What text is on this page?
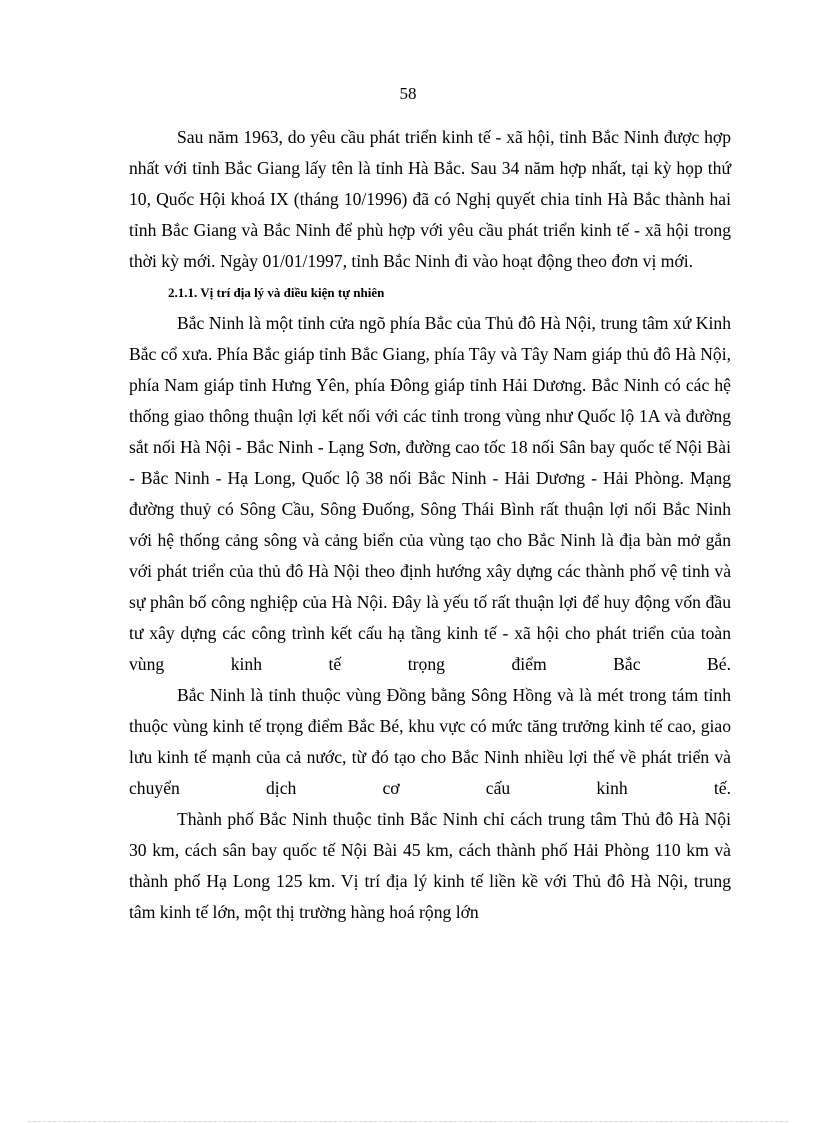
58

Sau năm 1963, do yêu cầu phát triển kinh tế - xã hội, tỉnh Bắc Ninh được hợp nhất với tỉnh Bắc Giang lấy tên là tỉnh Hà Bắc. Sau 34 năm hợp nhất, tại kỳ họp thứ 10, Quốc Hội khoá IX (tháng 10/1996) đã có Nghị quyết chia tỉnh Hà Bắc thành hai tỉnh Bắc Giang và Bắc Ninh để phù hợp với yêu cầu phát triển kinh tế - xã hội trong thời kỳ mới. Ngày 01/01/1997, tỉnh Bắc Ninh đi vào hoạt động theo đơn vị mới.

2.1.1. Vị trí địa lý và điều kiện tự nhiên

Bắc Ninh là một tỉnh cửa ngõ phía Bắc của Thủ đô Hà Nội, trung tâm xứ Kinh Bắc cổ xưa. Phía Bắc giáp tỉnh Bắc Giang, phía Tây và Tây Nam giáp thủ đô Hà Nội, phía Nam giáp tỉnh Hưng Yên, phía Đông giáp tỉnh Hải Dương. Bắc Ninh có các hệ thống giao thông thuận lợi kết nối với các tỉnh trong vùng như Quốc lộ 1A và đường sắt nối Hà Nội - Bắc Ninh - Lạng Sơn, đường cao tốc 18 nối Sân bay quốc tế Nội Bài - Bắc Ninh - Hạ Long, Quốc lộ 38 nối Bắc Ninh - Hải Dương - Hải Phòng. Mạng đường thuỷ có Sông Cầu, Sông Đuống, Sông Thái Bình rất thuận lợi nối Bắc Ninh với hệ thống cảng sông và cảng biển của vùng tạo cho Bắc Ninh là địa bàn mở gắn với phát triển của thủ đô Hà Nội theo định hướng xây dựng các thành phố vệ tinh và sự phân bố công nghiệp của Hà Nội. Đây là yếu tố rất thuận lợi để huy động vốn đầu tư xây dựng các công trình kết cấu hạ tầng kinh tế - xã hội cho phát triển của toàn vùng kinh tế trọng điểm Bắc Bé.

Bắc Ninh là tỉnh thuộc vùng Đồng bằng Sông Hồng và là mét trong tám tỉnh thuộc vùng kinh tế trọng điểm Bắc Bé, khu vực có mức tăng trưởng kinh tế cao, giao lưu kinh tế mạnh của cả nước, từ đó tạo cho Bắc Ninh nhiều lợi thế về phát triển và chuyển dịch cơ cấu kinh tế.

Thành phố Bắc Ninh thuộc tỉnh Bắc Ninh chỉ cách trung tâm Thủ đô Hà Nội 30 km, cách sân bay quốc tế Nội Bài 45 km, cách thành phố Hải Phòng 110 km và thành phố Hạ Long 125 km. Vị trí địa lý kinh tế liền kề với Thủ đô Hà Nội, trung tâm kinh tế lớn, một thị trường hàng hoá rộng lớn
